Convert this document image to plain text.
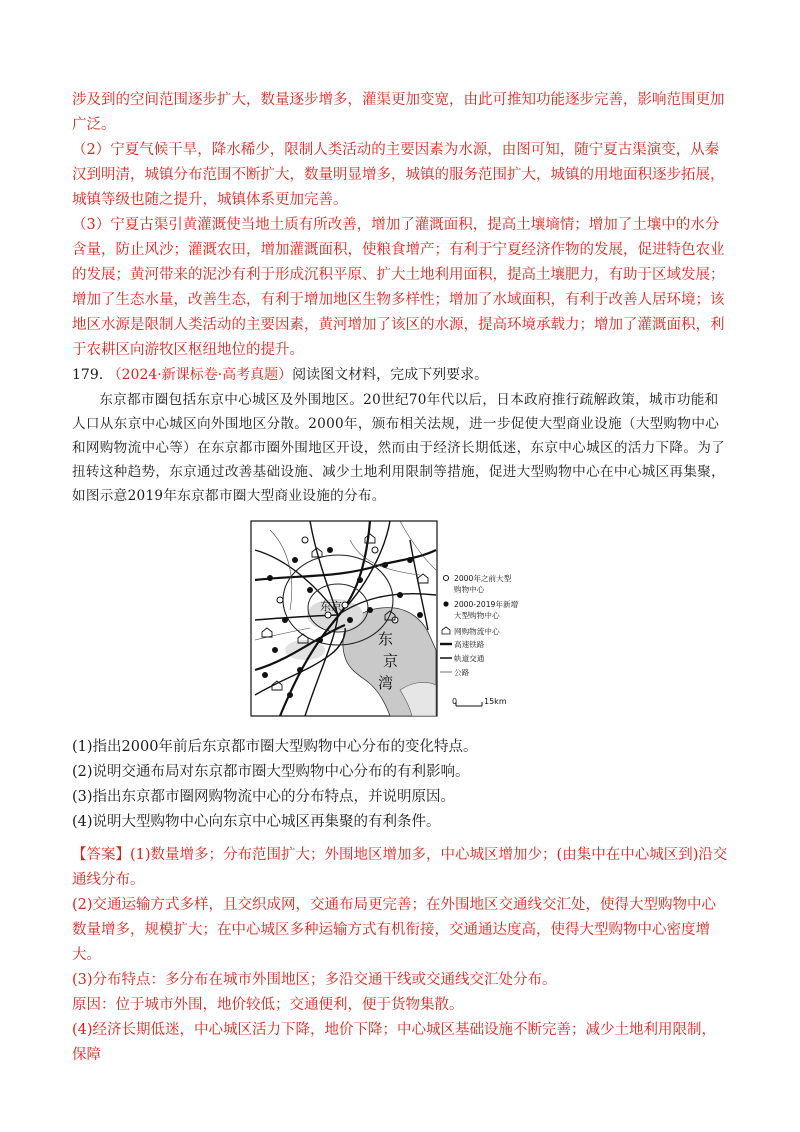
涉及到的空间范围逐步扩大，数量逐步增多，灌渠更加变宽，由此可推知功能逐步完善，影响范围更加广泛。

（2）宁夏气候干旱，降水稀少，限制人类活动的主要因素为水源，由图可知，随宁夏古渠演变，从秦汉到明清，城镇分布范围不断扩大，数量明显增多，城镇的服务范围扩大，城镇的用地面积逐步拓展，城镇等级也随之提升，城镇体系更加完善。

（3）宁夏古渠引黄灌溉使当地土质有所改善，增加了灌溉面积，提高土壤墒情；增加了土壤中的水分含量，防止风沙；灌溉农田，增加灌溉面积，使粮食增产；有利于宁夏经济作物的发展，促进特色农业的发展；黄河带来的泥沙有利于形成沉积平原、扩大土地利用面积，提高土壤肥力，有助于区域发展；增加了生态水量，改善生态，有利于增加地区生物多样性；增加了水域面积，有利于改善人居环境；该地区水源是限制人类活动的主要因素，黄河增加了该区的水源，提高环境承载力；增加了灌溉面积，利于农耕区向游牧区枢纽地位的提升。

179. （2024·新课标卷·高考真题）阅读图文材料，完成下列要求。

东京都市圈包括东京中心城区及外围地区。20世纪70年代以后，日本政府推行疏解政策，城市功能和人口从东京中心城区向外围地区分散。2000年，颁布相关法规，进一步促使大型商业设施（大型购物中心和网购物流中心等）在东京都市圈外围地区开设，然而由于经济长期低迷，东京中心城区的活力下降。为了扭转这种趋势，东京通过改善基础设施、减少土地利用限制等措施，促进大型购物中心在中心城区再集聚，如图示意2019年东京都市圈大型商业设施的分布。

东京
东
京
湾
2000年之前大型
购物中心
2000-2019年新增
大型购物中心
网购物流中心
高速铁路
轨道交通
公路
0	15km

(1)指出2000年前后东京都市圈大型购物中心分布的变化特点。

(2)说明交通布局对东京都市圈大型购物中心分布的有利影响。

(3)指出东京都市圈网购物流中心的分布特点，并说明原因。

(4)说明大型购物中心向东京中心城区再集聚的有利条件。

【答案】(1)数量增多；分布范围扩大；外围地区增加多，中心城区增加少；(由集中在中心城区到)沿交通线分布。

(2)交通运输方式多样，且交织成网，交通布局更完善；在外围地区交通线交汇处，使得大型购物中心数量增多，规模扩大；在中心城区多种运输方式有机衔接，交通通达度高，使得大型购物中心密度增大。

(3)分布特点：多分布在城市外围地区；多沿交通干线或交通线交汇处分布。

原因：位于城市外围，地价较低；交通便利，便于货物集散。

(4)经济长期低迷，中心城区活力下降，地价下降；中心城区基础设施不断完善；减少土地利用限制，保障
